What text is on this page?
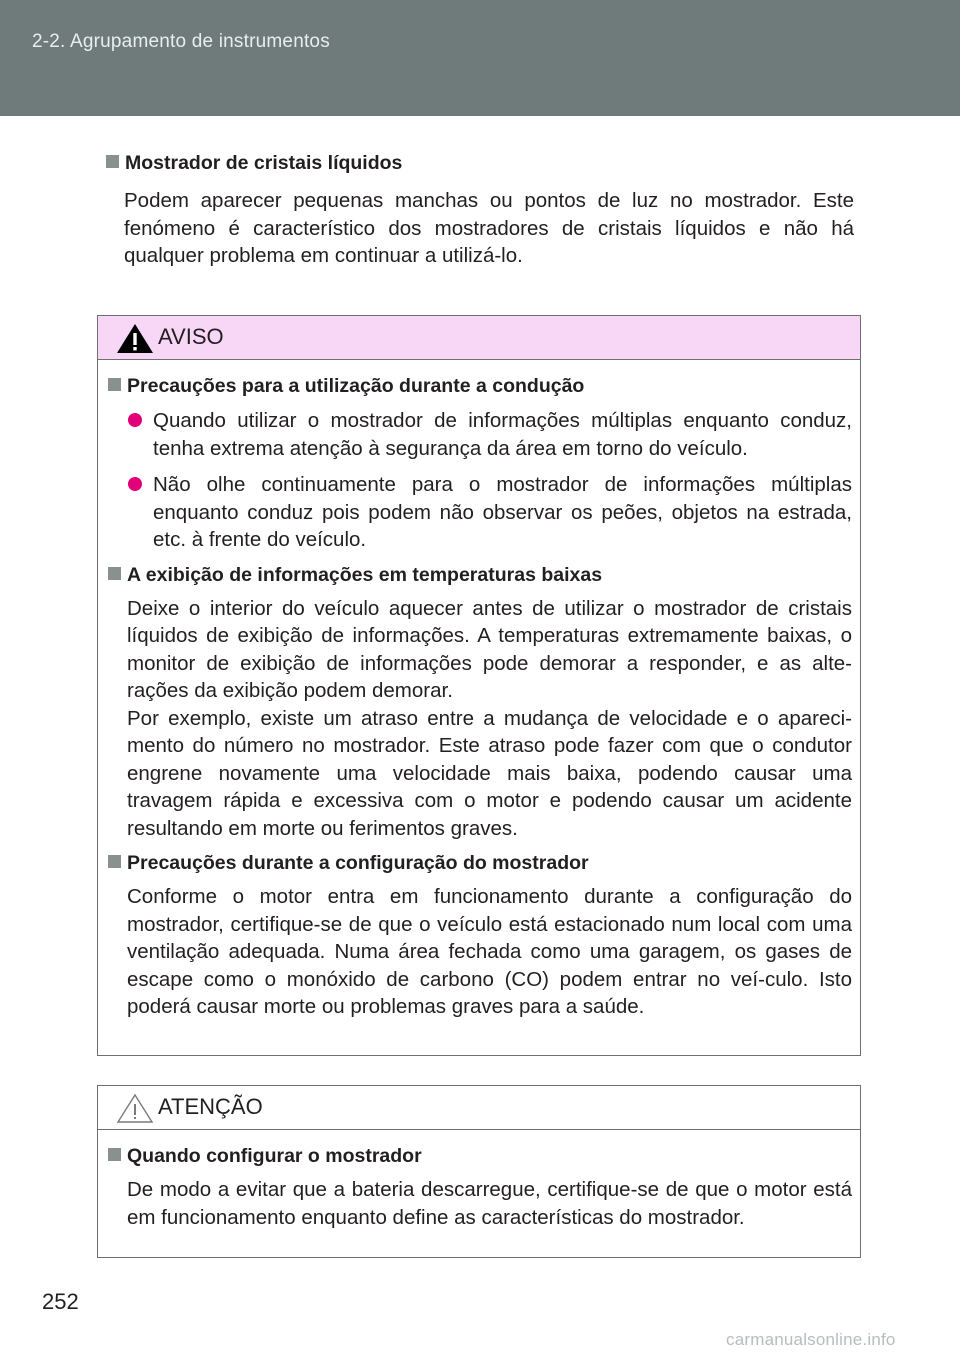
2-2. Agrupamento de instrumentos
Mostrador de cristais líquidos
Podem aparecer pequenas manchas ou pontos de luz no mostrador. Este fenómeno é característico dos mostradores de cristais líquidos e não há qualquer problema em continuar a utilizá-lo.
AVISO
Precauções para a utilização durante a condução
Quando utilizar o mostrador de informações múltiplas enquanto conduz, tenha extrema atenção à segurança da área em torno do veículo.
Não olhe continuamente para o mostrador de informações múltiplas enquanto conduz pois podem não observar os peões, objetos na estrada, etc. à frente do veículo.
A exibição de informações em temperaturas baixas
Deixe o interior do veículo aquecer antes de utilizar o mostrador de cristais líquidos de exibição de informações. A temperaturas extremamente baixas, o monitor de exibição de informações pode demorar a responder, e as alte-rações da exibição podem demorar.
Por exemplo, existe um atraso entre a mudança de velocidade e o apareci-mento do número no mostrador. Este atraso pode fazer com que o condutor engrene novamente uma velocidade mais baixa, podendo causar uma travagem rápida e excessiva com o motor e podendo causar um acidente resultando em morte ou ferimentos graves.
Precauções durante a configuração do mostrador
Conforme o motor entra em funcionamento durante a configuração do mostrador, certifique-se de que o veículo está estacionado num local com uma ventilação adequada. Numa área fechada como uma garagem, os gases de escape como o monóxido de carbono (CO) podem entrar no veí-culo. Isto poderá causar morte ou problemas graves para a saúde.
ATENÇÃO
Quando configurar o mostrador
De modo a evitar que a bateria descarregue, certifique-se de que o motor está em funcionamento enquanto define as características do mostrador.
252
carmanualsonline.info
